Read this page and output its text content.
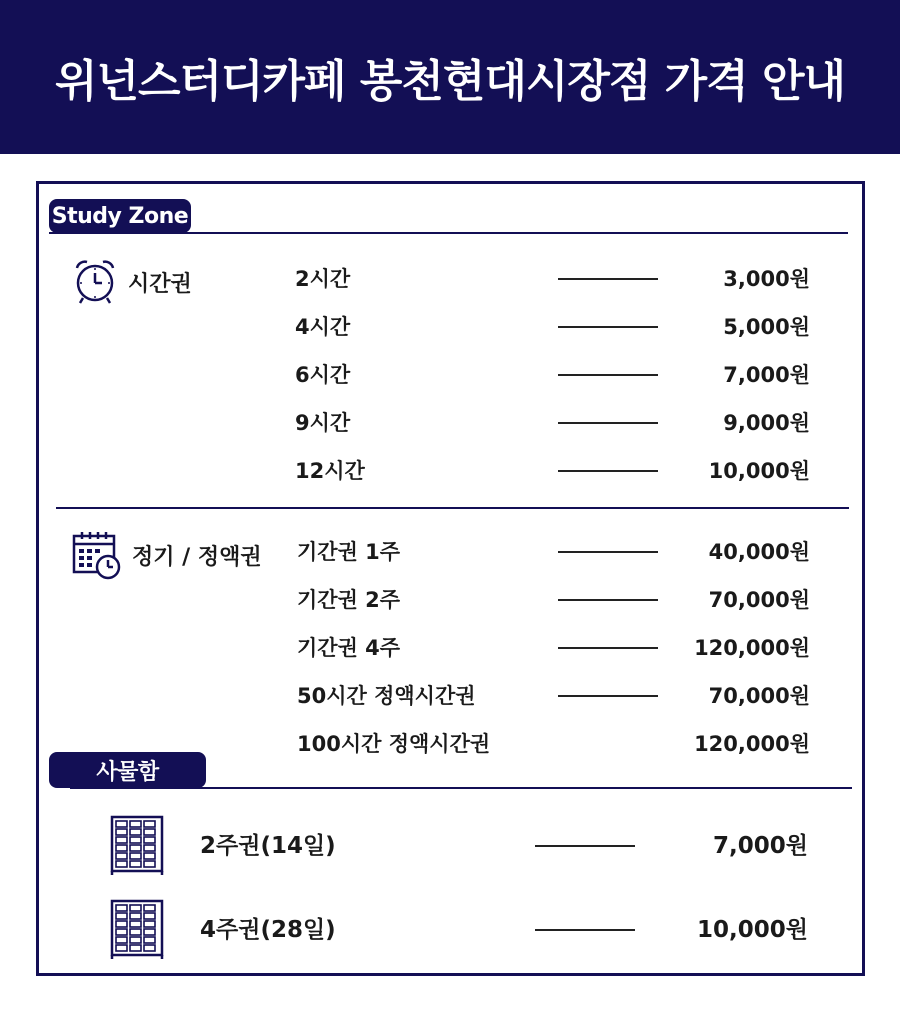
위넌스터디카페 봉천현대시장점 가격 안내
Study Zone
시간권	2시간	3,000원
4시간	5,000원
6시간	7,000원
9시간	9,000원
12시간	10,000원
정기 / 정액권 기간권 1주	40,000원
기간권 2주	70,000원
기간권 4주	120,000원
50시간 정액시간권	70,000원
100시간 정액시간권	120,000원
사물함
2주권(14일)	7,000원
4주권(28일)	10,000원
